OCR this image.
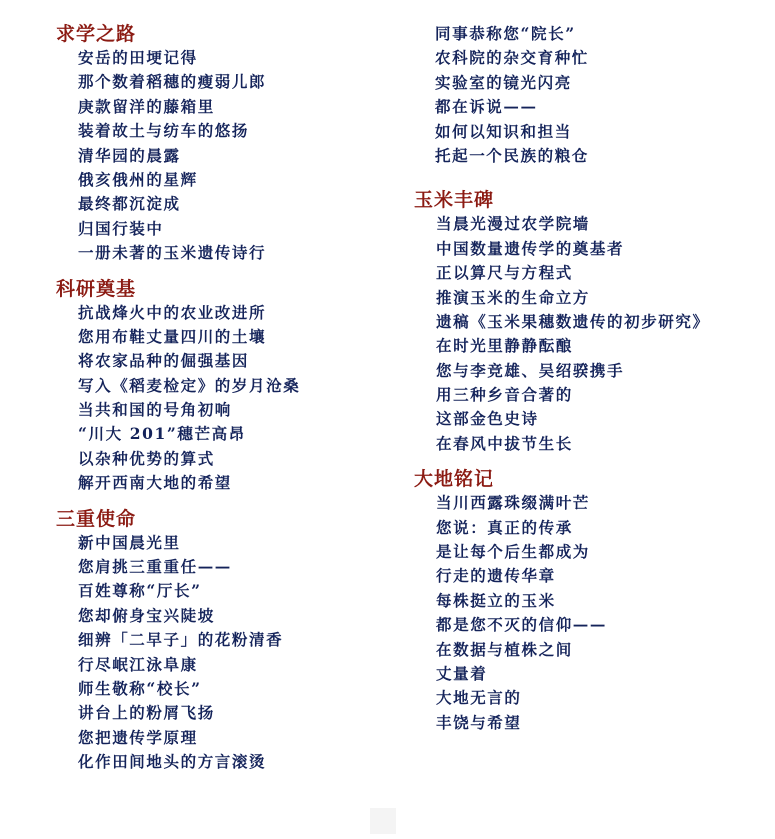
求学之路
安岳的田埂记得
那个数着稻穗的瘦弱儿郎
庚款留洋的藤箱里
装着故土与纺车的悠扬
清华园的晨露
俄亥俄州的星辉
最终都沉淀成
归国行装中
一册未著的玉米遗传诗行
科研奠基
抗战烽火中的农业改进所
您用布鞋丈量四川的土壤
将农家品种的倔强基因
写入《稻麦检定》的岁月沧桑
当共和国的号角初响
“川大 201”穗芒高昂
以杂种优势的算式
解开西南大地的希望
三重使命
新中国晨光里
您肩挑三重重任——
百姓尊称“厅长”
您却俯身宝兴陡坡
细辨「二早子」的花粉清香
行尽岷江泳阜康
师生敬称“校长”
讲台上的粉屑飞扬
您把遗传学原理
化作田间地头的方言滚烫
同事恭称您“院长”
农科院的杂交育种忙
实验室的镜光闪亮
都在诉说——
如何以知识和担当
托起一个民族的粮仓
玉米丰碑
当晨光漫过农学院墙
中国数量遗传学的奠基者
正以算尺与方程式
推演玉米的生命立方
遗稿《玉米果穗数遗传的初步研究》
在时光里静静酝酿
您与李竞雄、吴绍骙携手
用三种乡音合著的
这部金色史诗
在春风中拔节生长
大地铭记
当川西露珠缀满叶芒
您说：真正的传承
是让每个后生都成为
行走的遗传华章
每株挺立的玉米
都是您不灭的信仰——
在数据与植株之间
丈量着
大地无言的
丰饶与希望
